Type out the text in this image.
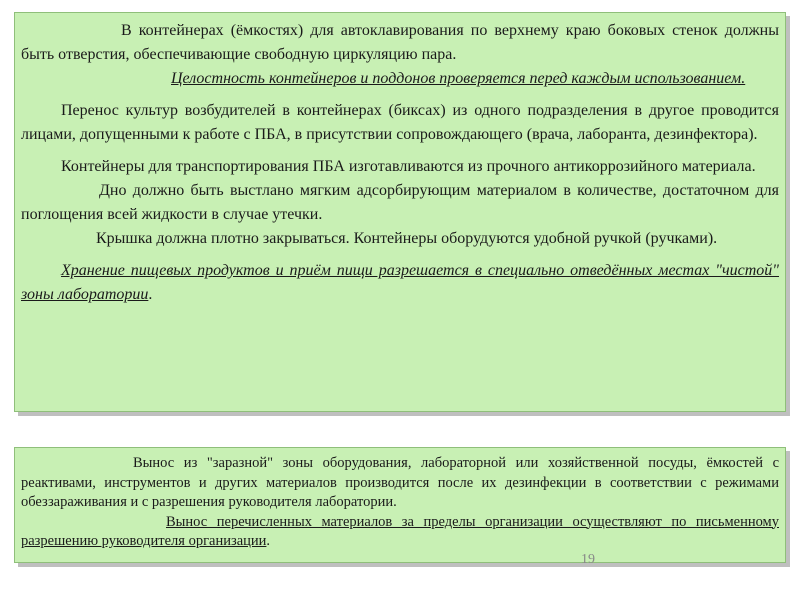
В контейнерах (ёмкостях) для автоклавирования по верхнему краю боковых стенок должны быть отверстия, обеспечивающие свободную циркуляцию пара.

Целостность контейнеров и поддонов проверяется перед каждым использованием.

Перенос культур возбудителей в контейнерах (биксах) из одного подразделения в другое проводится лицами, допущенными к работе с ПБА, в присутствии сопровождающего (врача, лаборанта, дезинфектора).

Контейнеры для транспортирования ПБА изготавливаются из прочного антикоррозийного материала.

Дно должно быть выстлано мягким адсорбирующим материалом в количестве, достаточном для поглощения всей жидкости в случае утечки.

Крышка должна плотно закрываться. Контейнеры оборудуются удобной ручкой (ручками).

Хранение пищевых продуктов и приём пищи разрешается в специально отведённых местах "чистой" зоны лаборатории.

Вынос из "заразной" зоны оборудования, лабораторной или хозяйственной посуды, ёмкостей с реактивами, инструментов и других материалов производится после их дезинфекции в соответствии с режимами обеззараживания и с разрешения руководителя лаборатории.

Вынос перечисленных материалов за пределы организации осуществляют по письменному разрешению руководителя организации.

19
